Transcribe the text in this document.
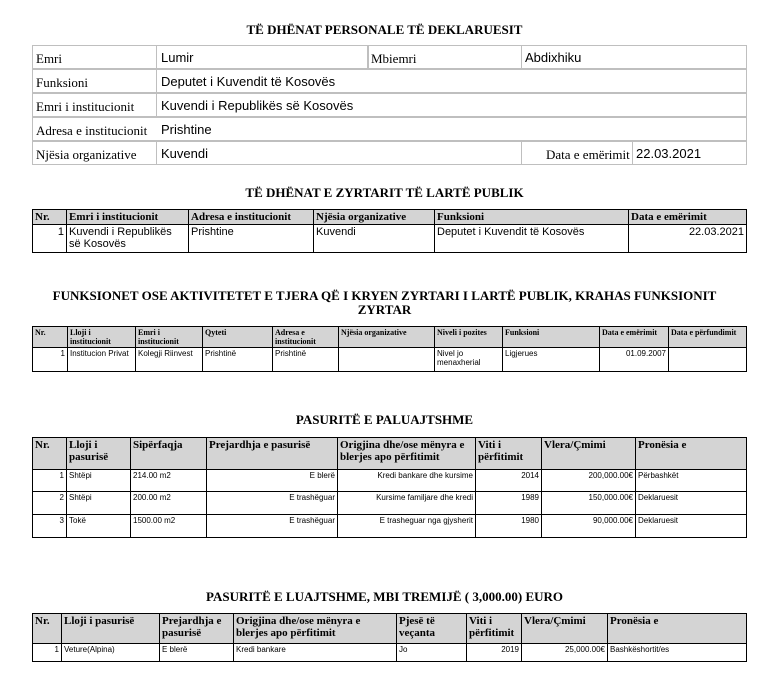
TË DHËNAT PERSONALE TË DEKLARUESIT
Emri	Lumir	Mbiemri	Abdixhiku
Funksioni	Deputet i Kuvendit të Kosovës
Emri i institucionit Kuvendi i Republikës së Kosovës
Adresa e institucionit Prishtine
Njësia organizative Kuvendi	Data e emërimit 22.03.2021
TË DHËNAT E ZYRTARIT TË LARTË PUBLIK
Nr.	Emri i institucionit	Adresa e institucionit	Njësia organizative	Funksioni	Data e emërimit
1	Kuvendi i Republikës së Kosovës	Prishtine	Kuvendi	Deputet i Kuvendit të Kosovës	22.03.2021
FUNKSIONET OSE AKTIVITETET E TJERA QË I KRYEN ZYRTARI I LARTË PUBLIK, KRAHAS FUNKSIONIT ZYRTAR
Nr.	Lloji i institucionit	Emri i institucionit	Qyteti	Adresa e institucionit	Njësia organizative	Niveli i pozites	Funksioni	Data e emërimit	Data e përfundimit
1	Institucion Privat	Kolegji Riinvest	Prishtinë	Prishtinë		Nivel jo menaxherial	Ligjerues	01.09.2007	
PASURITË E PALUAJTSHME
Nr.	Lloji i pasurisë	Sipërfaqja	Prejardhja e pasurisë	Origjina dhe/ose mënyra e blerjes apo përfitimit	Viti i përfitimit	Vlera/Çmimi	Pronësia e
1	Shtëpi	214.00 m2	E blerë	Kredi bankare dhe kursime	2014	200,000.00€	Përbashkët
2	Shtëpi	200.00 m2	E trashëguar	Kursime familjare dhe kredi	1989	150,000.00€	Deklaruesit
3	Tokë	1500.00 m2	E trashëguar	E trasheguar nga gjysherit	1980	90,000.00€	Deklaruesit
PASURITË E LUAJTSHME, MBI TREMIJË ( 3,000.00) EURO
Nr.	Lloji i pasurisë	Prejardhja e pasurisë	Origjina dhe/ose mënyra e blerjes apo përfitimit	Pjesë të veçanta	Viti i përfitimit	Vlera/Çmimi	Pronësia e
1	Veture(Alpina)	E blerë	Kredi bankare	Jo	2019	25,000.00€	Bashkëshortit/es
